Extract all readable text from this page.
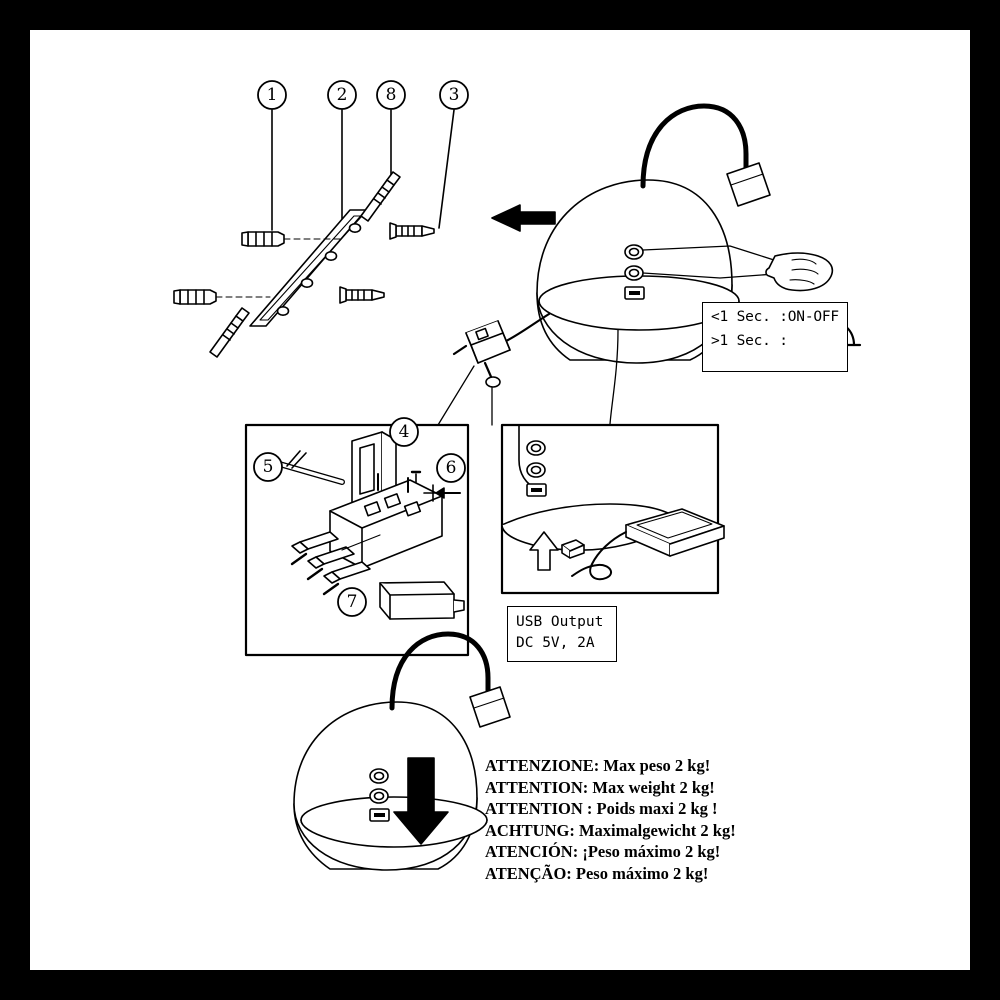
1	2	8	3
4
5	6
7
<1 Sec. :ON-OFF
>1 Sec. :
USB Output
DC 5V, 2A
ATTENZIONE: Max peso 2 kg!
ATTENTION: Max weight 2 kg!
ATTENTION : Poids maxi 2 kg !
ACHTUNG: Maximalgewicht 2 kg!
ATENCIÓN: ¡Peso máximo 2 kg!
ATENÇÃO: Peso máximo 2 kg!
